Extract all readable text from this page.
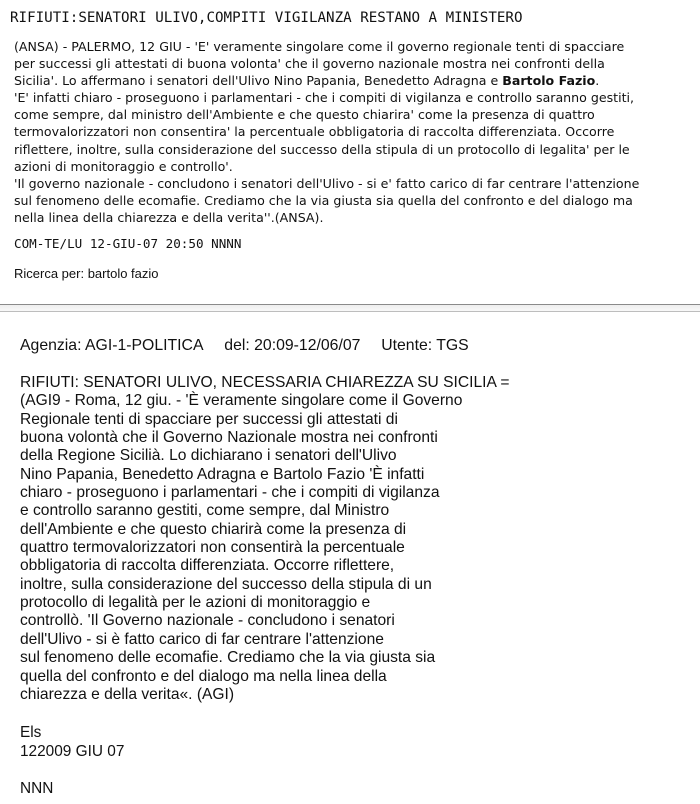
RIFIUTI:SENATORI ULIVO,COMPITI VIGILANZA RESTANO A MINISTERO
(ANSA) - PALERMO, 12 GIU - 'E' veramente singolare come il governo regionale tenti di spacciare
per successi gli attestati di buona volonta' che il governo nazionale mostra nei confronti della
Sicilia'. Lo affermano i senatori dell'Ulivo Nino Papania, Benedetto Adragna e Bartolo Fazio.
'E' infatti chiaro - proseguono i parlamentari - che i compiti di vigilanza e controllo saranno gestiti,
come sempre, dal ministro dell'Ambiente e che questo chiarira' come la presenza di quattro
termovalorizzatori non consentira' la percentuale obbligatoria di raccolta differenziata. Occorre
riflettere, inoltre, sulla considerazione del successo della stipula di un protocollo di legalita' per le
azioni di monitoraggio e controllo'.
'Il governo nazionale - concludono i senatori dell'Ulivo - si e' fatto carico di far centrare l'attenzione
sul fenomeno delle ecomafie. Crediamo che la via giusta sia quella del confronto e del dialogo ma
nella linea della chiarezza e della verita''.(ANSA).
COM-TE/LU 12-GIU-07 20:50 NNNN
Ricerca per: bartolo fazio
Agenzia: AGI-1-POLITICA del: 20:09-12/06/07 Utente: TGS
RIFIUTI: SENATORI ULIVO, NECESSARIA CHIAREZZA SU SICILIA =
(AGI9 - Roma, 12 giu. - 'È veramente singolare come il Governo
Regionale tenti di spacciare per successi gli attestati di
buona volontà che il Governo Nazionale mostra nei confronti
della Regione Sicilià. Lo dichiarano i senatori dell'Ulivo
Nino Papania, Benedetto Adragna e Bartolo Fazio 'È infatti
chiaro - proseguono i parlamentari - che i compiti di vigilanza
e controllo saranno gestiti, come sempre, dal Ministro
dell'Ambiente e che questo chiarirà come la presenza di
quattro termovalorizzatori non consentirà la percentuale
obbligatoria di raccolta differenziata. Occorre riflettere,
inoltre, sulla considerazione del successo della stipula di un
protocollo di legalità per le azioni di monitoraggio e
controllò. 'Il Governo nazionale - concludono i senatori
dell'Ulivo - si è fatto carico di far centrare l'attenzione
sul fenomeno delle ecomafie. Crediamo che la via giusta sia
quella del confronto e del dialogo ma nella linea della
chiarezza e della verita«. (AGI)
Els
122009 GIU 07
NNN
